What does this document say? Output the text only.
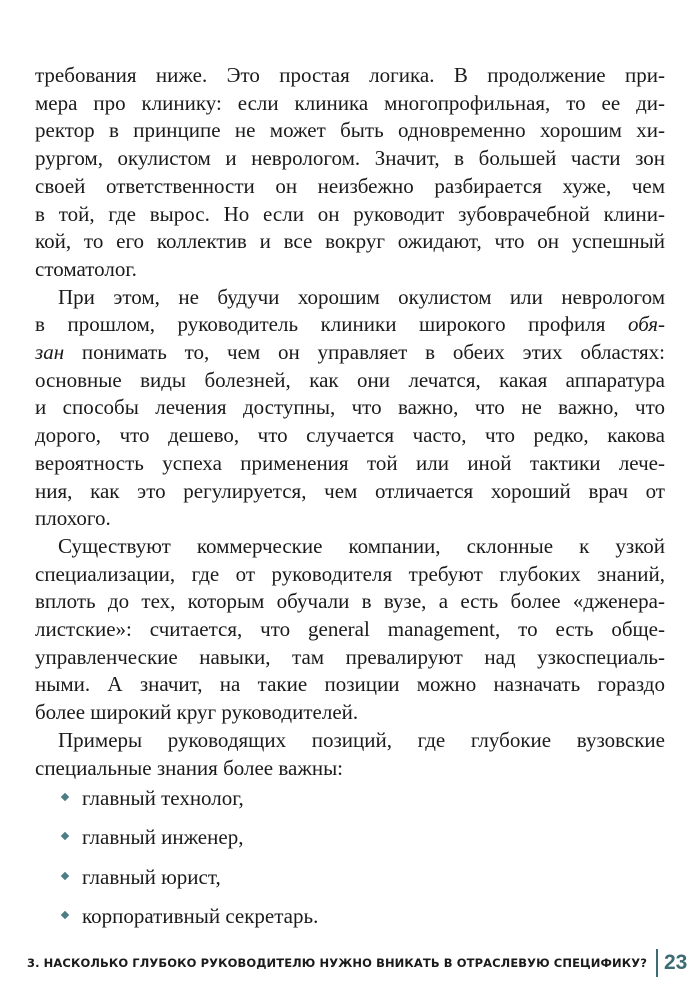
требования ниже. Это простая логика. В продолжение при-
мера про клинику: если клиника многопрофильная, то ее ди-
ректор в принципе не может быть одновременно хорошим хи-
рургом, окулистом и неврологом. Значит, в большей части зон
своей ответственности он неизбежно разбирается хуже, чем
в той, где вырос. Но если он руководит зубоврачебной клини-
кой, то его коллектив и все вокруг ожидают, что он успешный
стоматолог.
При этом, не будучи хорошим окулистом или неврологом
в прошлом, руководитель клиники широкого профиля обя-
зан понимать то, чем он управляет в обеих этих областях:
основные виды болезней, как они лечатся, какая аппаратура
и способы лечения доступны, что важно, что не важно, что
дорого, что дешево, что случается часто, что редко, какова
вероятность успеха применения той или иной тактики лече-
ния, как это регулируется, чем отличается хороший врач от
плохого.
Существуют коммерческие компании, склонные к узкой
специализации, где от руководителя требуют глубоких знаний,
вплоть до тех, которым обучали в вузе, а есть более «дженера-
листские»: считается, что general management, то есть обще-
управленческие навыки, там превалируют над узкоспециаль-
ными. А значит, на такие позиции можно назначать гораздо
более широкий круг руководителей.
Примеры руководящих позиций, где глубокие вузовские
специальные знания более важны:
главный технолог,
главный инженер,
главный юрист,
корпоративный секретарь.
3. НАСКОЛЬКО ГЛУБОКО РУКОВОДИТЕЛЮ НУЖНО ВНИКАТЬ В ОТРАСЛЕВУЮ СПЕЦИФИКУ? 23
